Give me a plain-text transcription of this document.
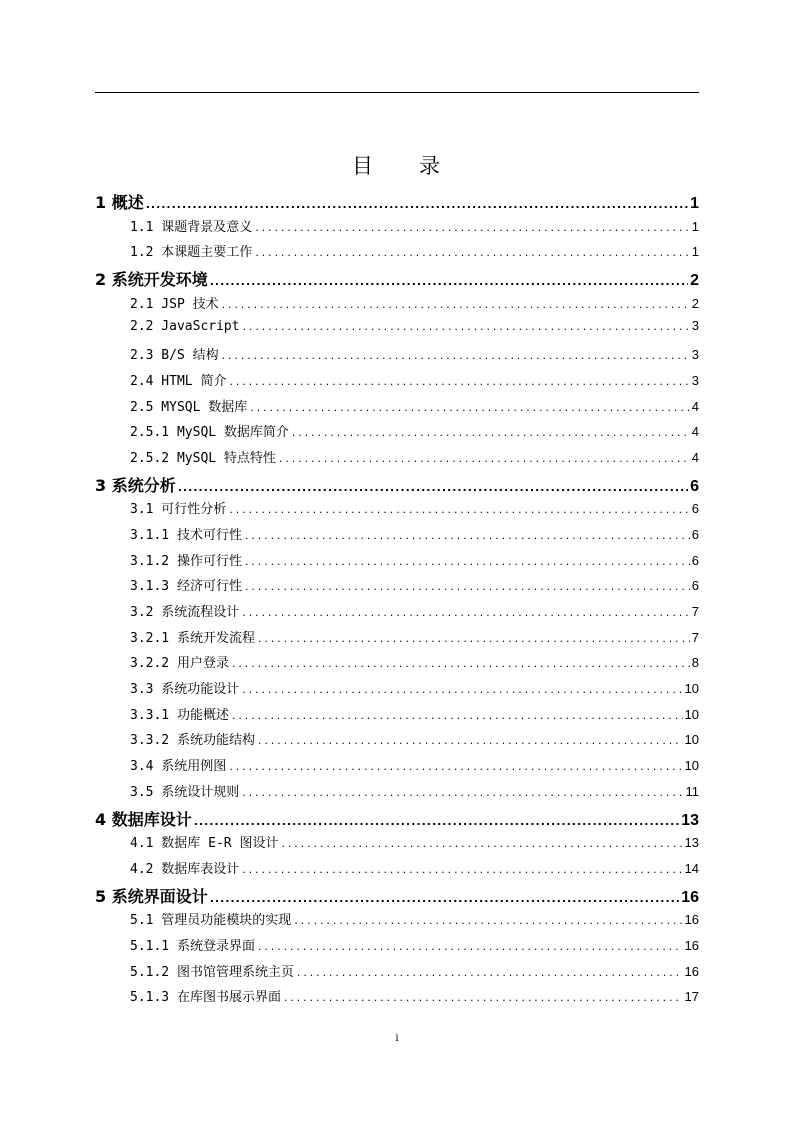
目 录
1 概述 .....	1
1.1 课题背景及意义 .....	1
1.2 本课题主要工作 .....	1
2 系统开发环境 .....	2
2.1 JSP 技术 .....	2
2.2 JavaScript .....	3
2.3 B/S 结构 .....	3
2.4 HTML 简介 .....	3
2.5 MYSQL 数据库 .....	4
2.5.1 MySQL 数据库简介 .....	4
2.5.2 MySQL 特点特性 .....	4
3 系统分析 .....	6
3.1 可行性分析 .....	6
3.1.1 技术可行性 .....	6
3.1.2 操作可行性 .....	6
3.1.3 经济可行性 .....	6
3.2 系统流程设计 .....	7
3.2.1 系统开发流程 .....	7
3.2.2 用户登录 .....	8
3.3 系统功能设计 .....	10
3.3.1 功能概述 .....	10
3.3.2 系统功能结构 .....	10
3.4 系统用例图 .....	10
3.5 系统设计规则 .....	11
4 数据库设计 .....	13
4.1 数据库 E-R 图设计 .....	13
4.2 数据库表设计 .....	14
5 系统界面设计 .....	16
5.1 管理员功能模块的实现 .....	16
5.1.1 系统登录界面 .....	16
5.1.2 图书馆管理系统主页 .....	16
5.1.3 在库图书展示界面 .....	17
i
